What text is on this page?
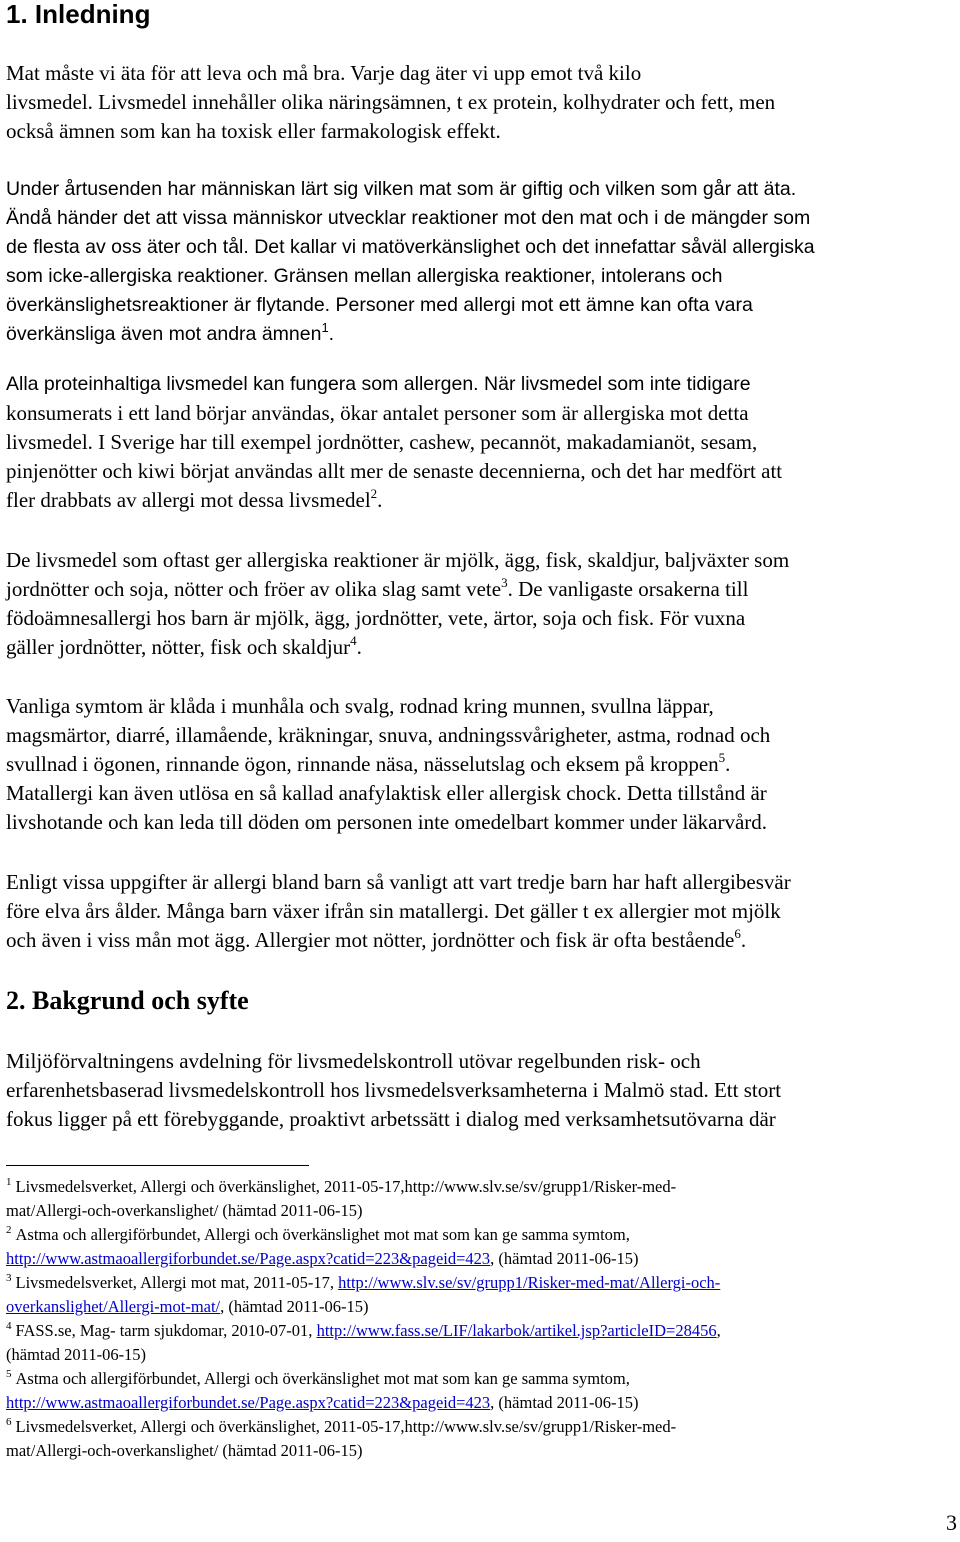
1. Inledning
Mat måste vi äta för att leva och må bra. Varje dag äter vi upp emot två kilo
livsmedel. Livsmedel innehåller olika näringsämnen, t ex protein, kolhydrater och fett, men
också ämnen som kan ha toxisk eller farmakologisk effekt.
Under årtusenden har människan lärt sig vilken mat som är giftig och vilken som går att äta.
Ändå händer det att vissa människor utvecklar reaktioner mot den mat och i de mängder som
de flesta av oss äter och tål. Det kallar vi matöverkänslighet och det innefattar såväl allergiska
som icke-allergiska reaktioner. Gränsen mellan allergiska reaktioner, intolerans och
överkänslighetsreaktioner är flytande. Personer med allergi mot ett ämne kan ofta vara
överkänsliga även mot andra ämnen$^1$.
Alla proteinhaltiga livsmedel kan fungera som allergen. När livsmedel som inte tidigare
konsumerats i ett land börjar användas, ökar antalet personer som är allergiska mot detta
livsmedel. I Sverige har till exempel jordnötter, cashew, pecannöt, makadamianöt, sesam,
pinjenötter och kiwi börjat användas allt mer de senaste decennierna, och det har medfört att
fler drabbats av allergi mot dessa livsmedel$^2$.
De livsmedel som oftast ger allergiska reaktioner är mjölk, ägg, fisk, skaldjur, baljväxter som
jordnötter och soja, nötter och fröer av olika slag samt vete$^3$. De vanligaste orsakerna till
födoämnesallergi hos barn är mjölk, ägg, jordnötter, vete, ärtor, soja och fisk. För vuxna
gäller jordnötter, nötter, fisk och skaldjur$^4$.
Vanliga symtom är klåda i munhåla och svalg, rodnad kring munnen, svullna läppar,
magsmärtor, diarré, illamående, kräkningar, snuva, andningssvårigheter, astma, rodnad och
svullnad i ögonen, rinnande ögon, rinnande näsa, nässelutslag och eksem på kroppen$^5$.
Matallergi kan även utlösa en så kallad anafylaktisk eller allergisk chock. Detta tillstånd är
livshotande och kan leda till döden om personen inte omedelbart kommer under läkarvård.
Enligt vissa uppgifter är allergi bland barn så vanligt att vart tredje barn har haft allergibesvär
före elva års ålder. Många barn växer ifrån sin matallergi. Det gäller t ex allergier mot mjölk
och även i viss mån mot ägg. Allergier mot nötter, jordnötter och fisk är ofta bestående$^6$.
2. Bakgrund och syfte
Miljöförvaltningens avdelning för livsmedelskontroll utövar regelbunden risk- och
erfarenhetsbaserad livsmedelskontroll hos livsmedelsverksamheterna i Malmö stad. Ett stort
fokus ligger på ett förebyggande, proaktivt arbetssätt i dialog med verksamhetsutövarna där
$^1$ Livsmedelsverket, Allergi och överkänslighet, 2011-05-17,http://www.slv.se/sv/grupp1/Risker-med-
mat/Allergi-och-overkanslighet/ (hämtad 2011-06-15)
$^2$ Astma och allergiförbundet, Allergi och överkänslighet mot mat som kan ge samma symtom,
http://www.astmaoallergiforbundet.se/Page.aspx?catid=223&pageid=423, (hämtad 2011-06-15)
$^3$ Livsmedelsverket, Allergi mot mat, 2011-05-17, http://www.slv.se/sv/grupp1/Risker-med-mat/Allergi-och-
overkanslighet/Allergi-mot-mat/, (hämtad 2011-06-15)
$^4$ FASS.se, Mag- tarm sjukdomar, 2010-07-01, http://www.fass.se/LIF/lakarbok/artikel.jsp?articleID=28456,
(hämtad 2011-06-15)
$^5$ Astma och allergiförbundet, Allergi och överkänslighet mot mat som kan ge samma symtom,
http://www.astmaoallergiforbundet.se/Page.aspx?catid=223&pageid=423, (hämtad 2011-06-15)
$^6$ Livsmedelsverket, Allergi och överkänslighet, 2011-05-17,http://www.slv.se/sv/grupp1/Risker-med-
mat/Allergi-och-overkanslighet/ (hämtad 2011-06-15)
3
